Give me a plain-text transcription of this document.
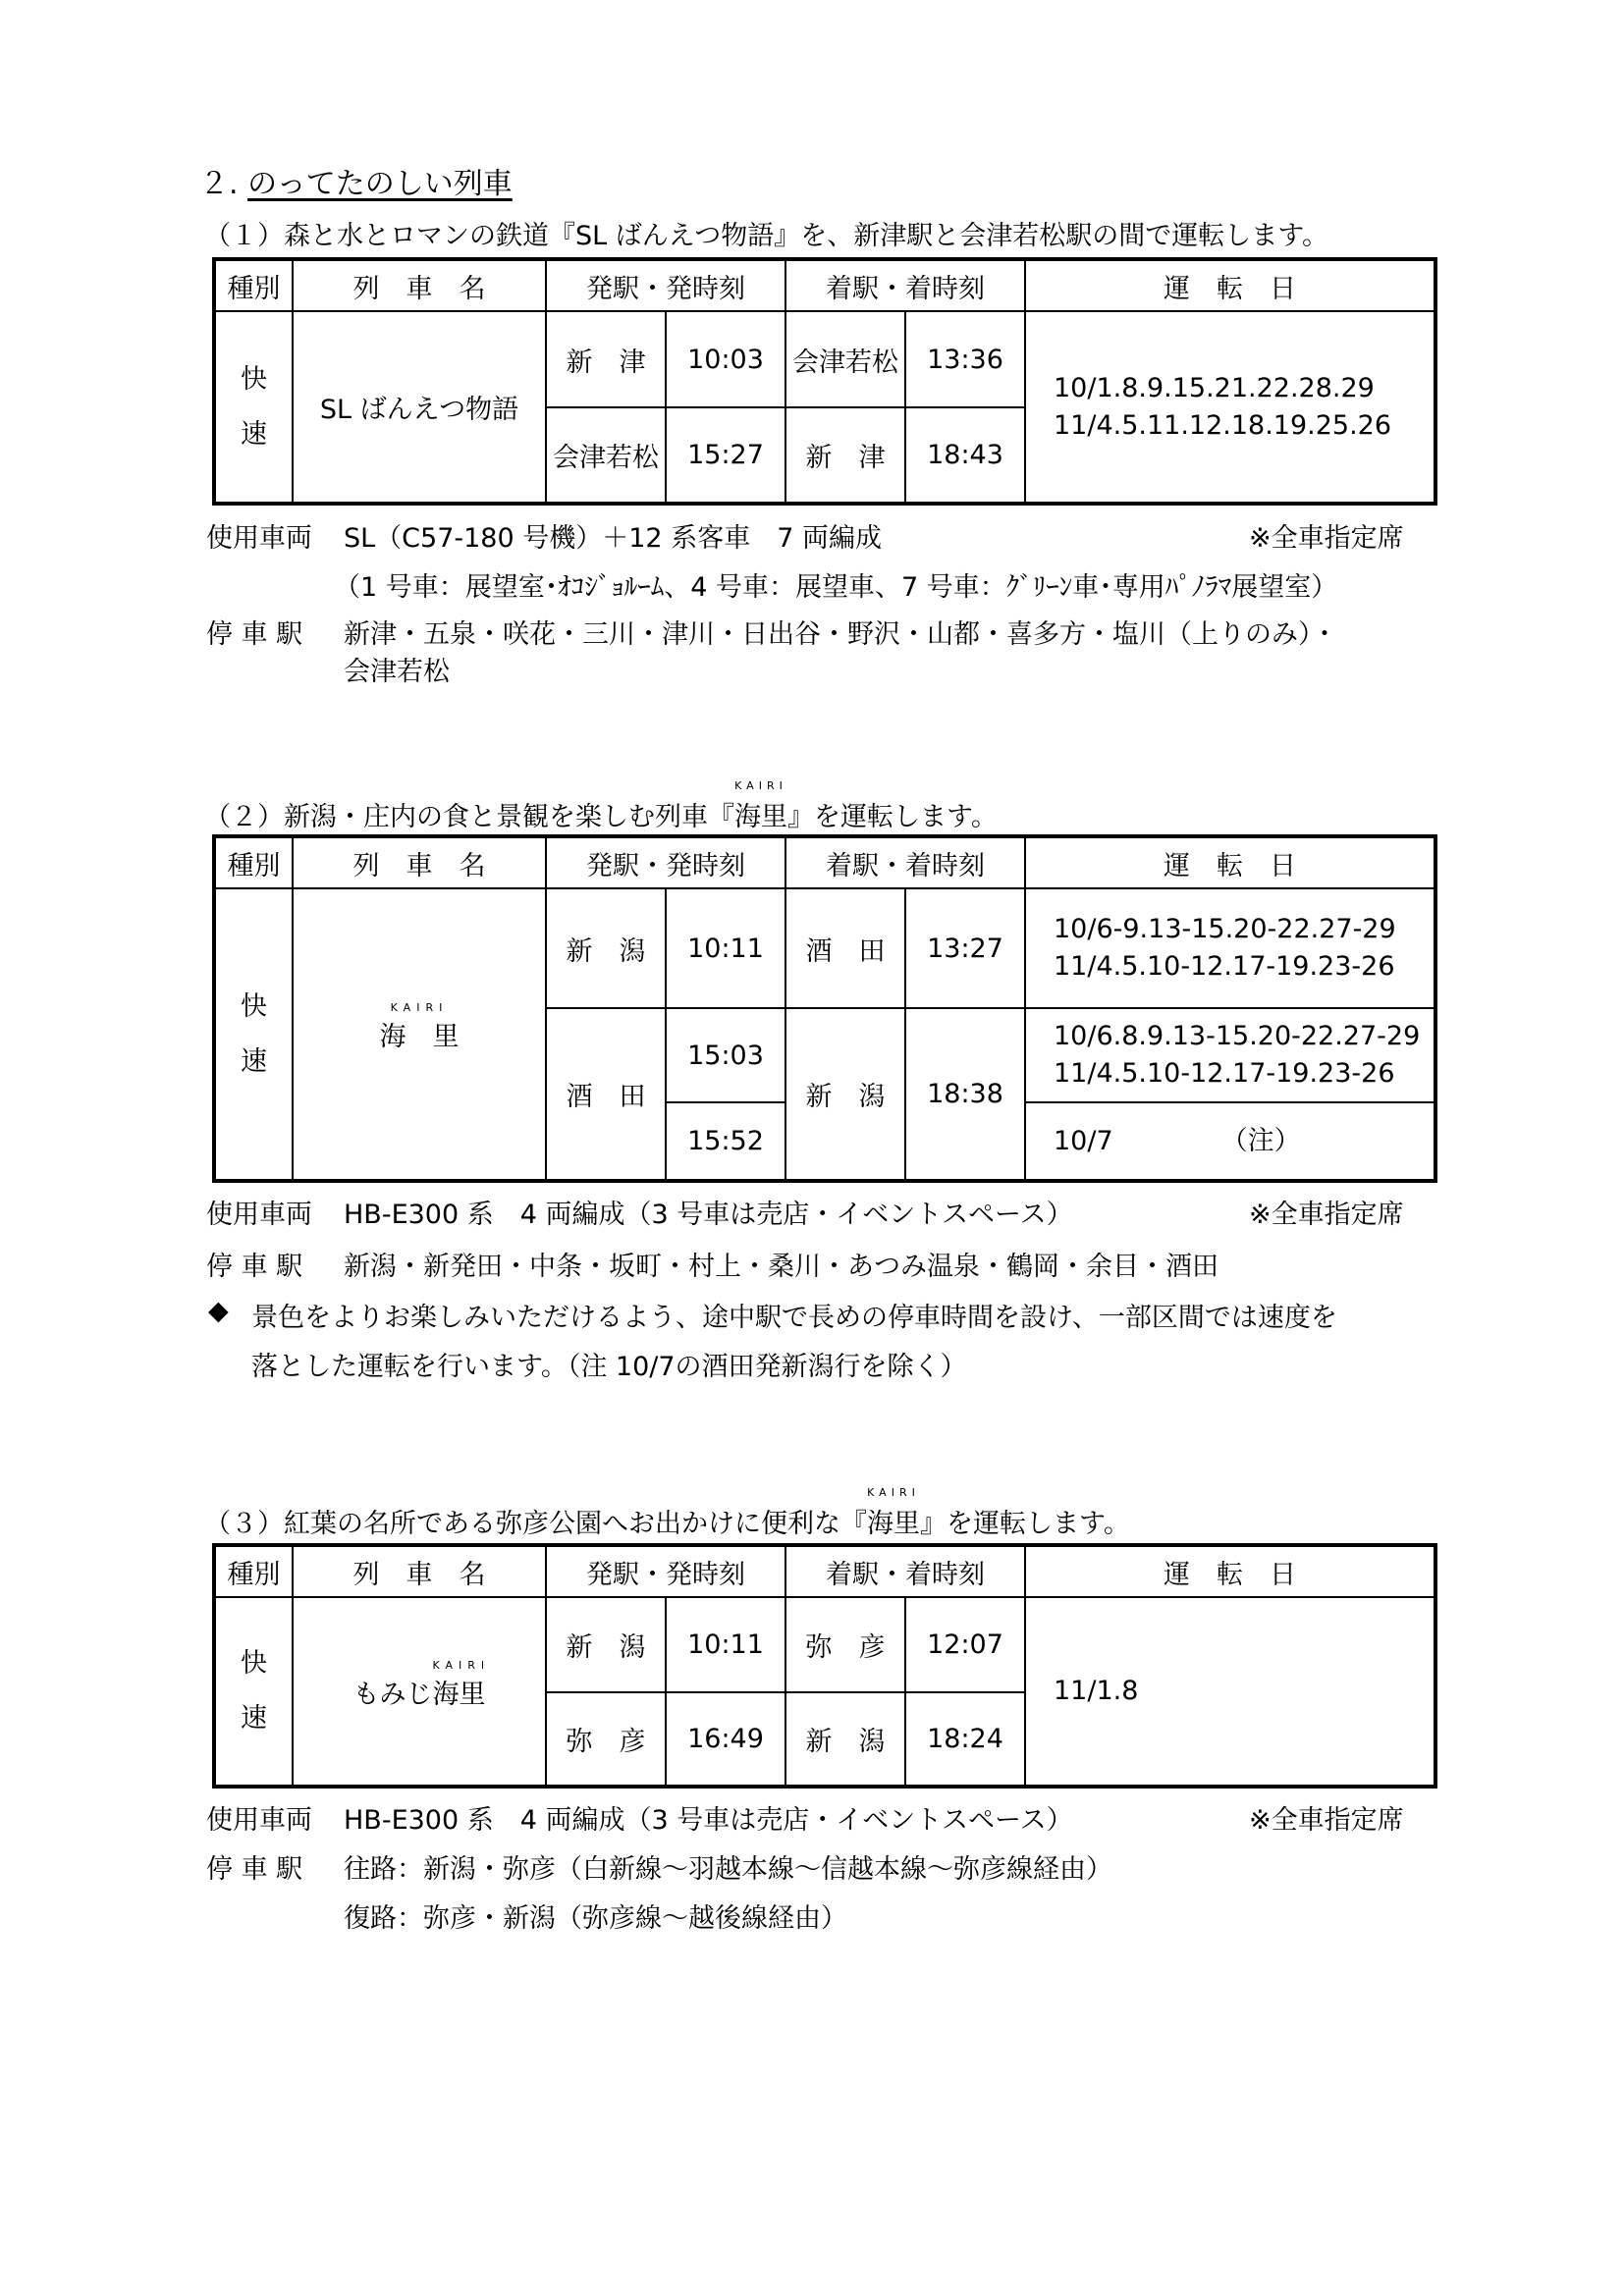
２. のってたのしい列車
（１）森と水とロマンの鉄道『SL ばんえつ物語』を、新津駅と会津若松駅の間で運転します。
種別	列　車　名	発駅・発時刻		着駅・着時刻		運　転　日
快
速	SL ばんえつ物語	新　津	10:03	会津若松	13:36	10/1.8.9.15.21.22.28.29
11/4.5.11.12.18.19.25.26
		会津若松	15:27	新　津	18:43	
使用車両 SL（C57-180 号機）＋12 系客車　7 両編成	※全車指定席
（1 号車：展望室･ｵｺｼﾞｮﾙｰﾑ、4 号車：展望車、7 号車：ｸﾞﾘｰﾝ車･専用ﾊﾟﾉﾗﾏ展望室）
停 車 駅 新津・五泉・咲花・三川・津川・日出谷・野沢・山都・喜多方・塩川（上りのみ）・
会津若松
（２）新潟・庄内の食と景観を楽しむ列車『
KAIRI
海里』を運転します。
種別	列　車　名	発駅・発時刻		着駅・着時刻		運　転　日
快
速	KAIRI
海　里	新　潟	10:11	酒　田	13:27	10/6-9.13-15.20-22.27-29
11/4.5.10-12.17-19.23-26
		酒　田	15:03	新　潟	18:38	10/6.8.9.13-15.20-22.27-29
11/4.5.10-12.17-19.23-26
			15:52			10/7 （注）
使用車両 HB-E300 系　4 両編成（3 号車は売店・イベントスペース）	※全車指定席
停 車 駅 新潟・新発田・中条・坂町・村上・桑川・あつみ温泉・鶴岡・余目・酒田
◆ 景色をよりお楽しみいただけるよう、途中駅で長めの停車時間を設け、一部区間では速度を
落とした運転を行います。（注 10/7の酒田発新潟行を除く）
（３）紅葉の名所である弥彦公園へお出かけに便利な『
KAIRI
海里』を運転します。
種別	列　車　名	発駅・発時刻		着駅・着時刻		運　転　日
快
速	もみじ
KAIRI
海里	新　潟	10:11	弥　彦	12:07	11/1.8
		弥　彦	16:49	新　潟	18:24	
使用車両 HB-E300 系　4 両編成（3 号車は売店・イベントスペース）	※全車指定席
停 車 駅 往路：新潟・弥彦（白新線～羽越本線～信越本線～弥彦線経由）
復路：弥彦・新潟（弥彦線～越後線経由）
